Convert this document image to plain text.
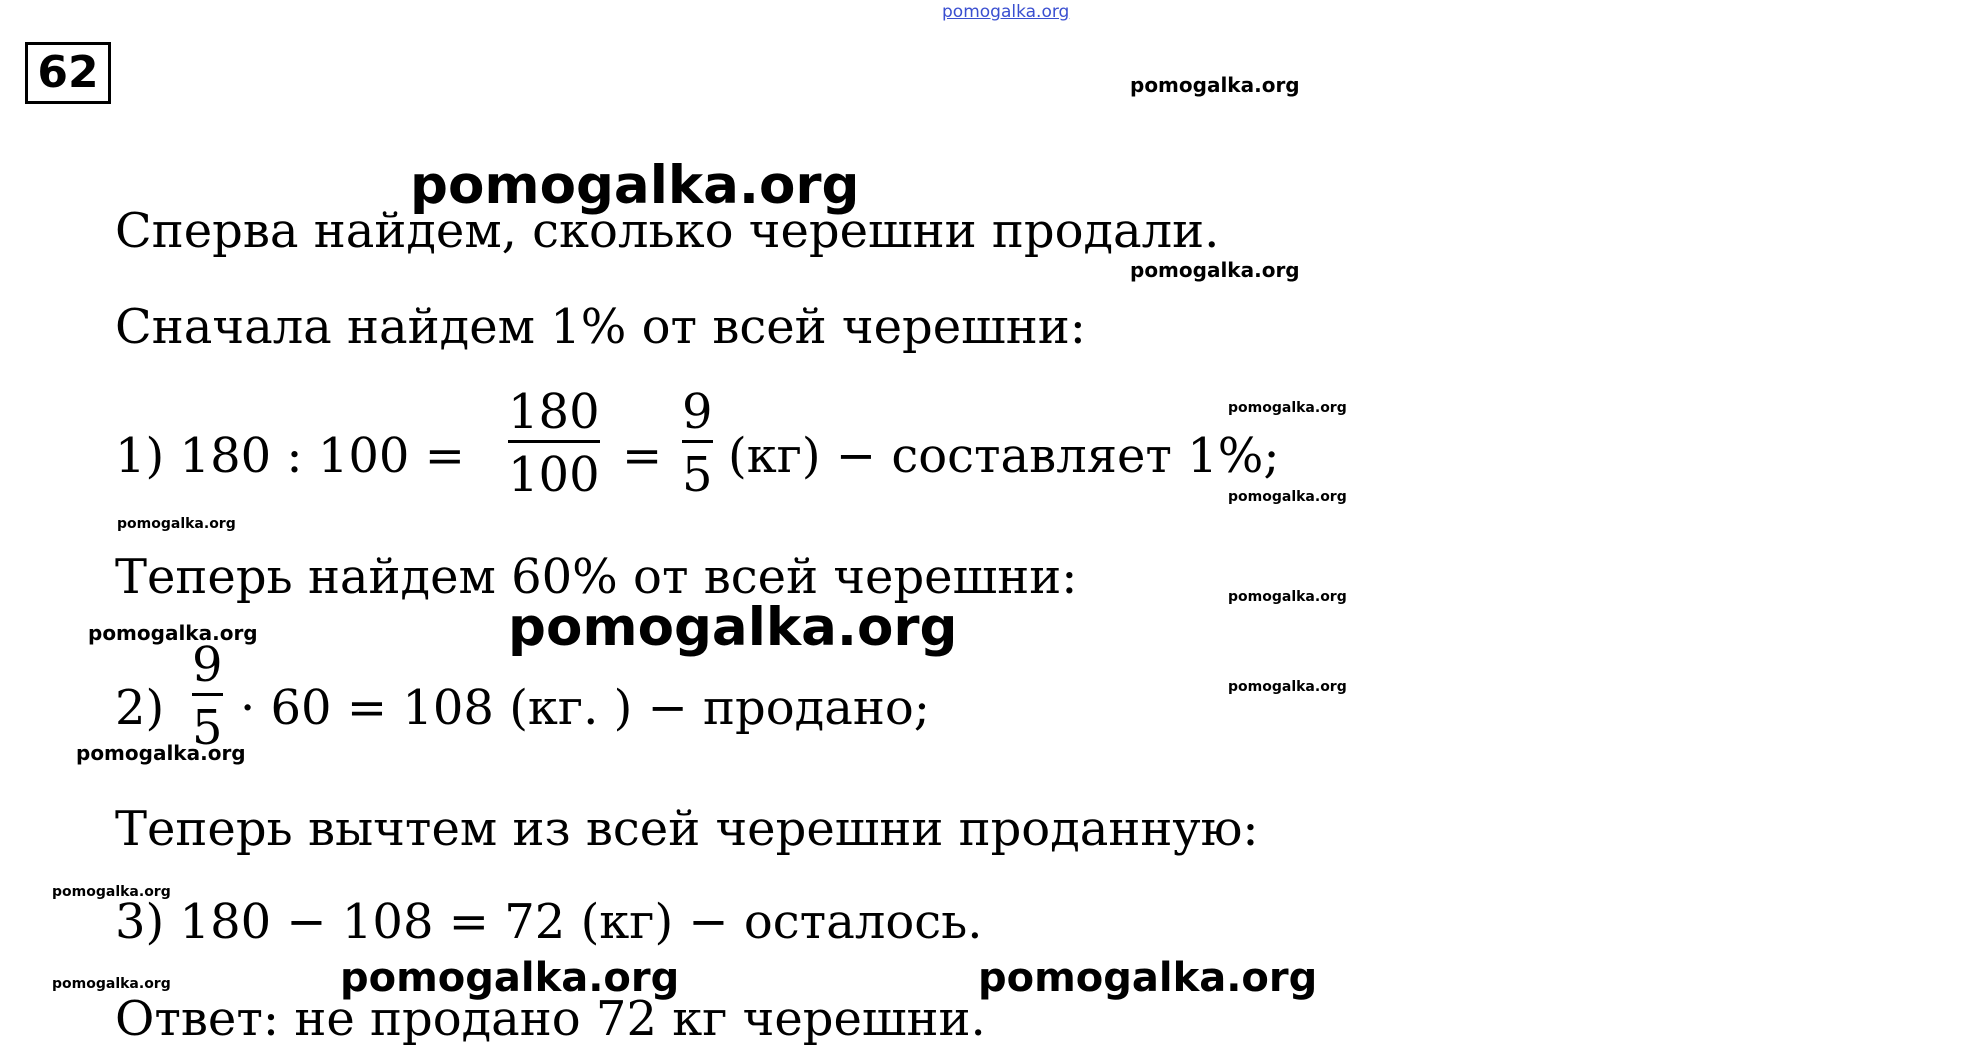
pomogalka.org
62	pomogalka.org
pomogalka.org
Сперва найдем, сколько черешни продали.
pomogalka.org
Сначала найдем 1% от всей черешни:
1) 180 : 100 =
180
100 =
9
5 (кг) − составляет 1%;
pomogalka.org
pomogalka.org
pomogalka.org
Теперь найдем 60% от всей черешни:	pomogalka.org
pomogalka.org	pomogalka.org
2)
9
5 · 60 = 108 (кг. ) − продано;	pomogalka.org
pomogalka.org
Теперь вычтем из всей черешни проданную:
pomogalka.org
3) 180 − 108 = 72 (кг) − осталось.
pomogalka.org	pomogalka.org	pomogalka.org
Ответ: не продано 72 кг черешни.
